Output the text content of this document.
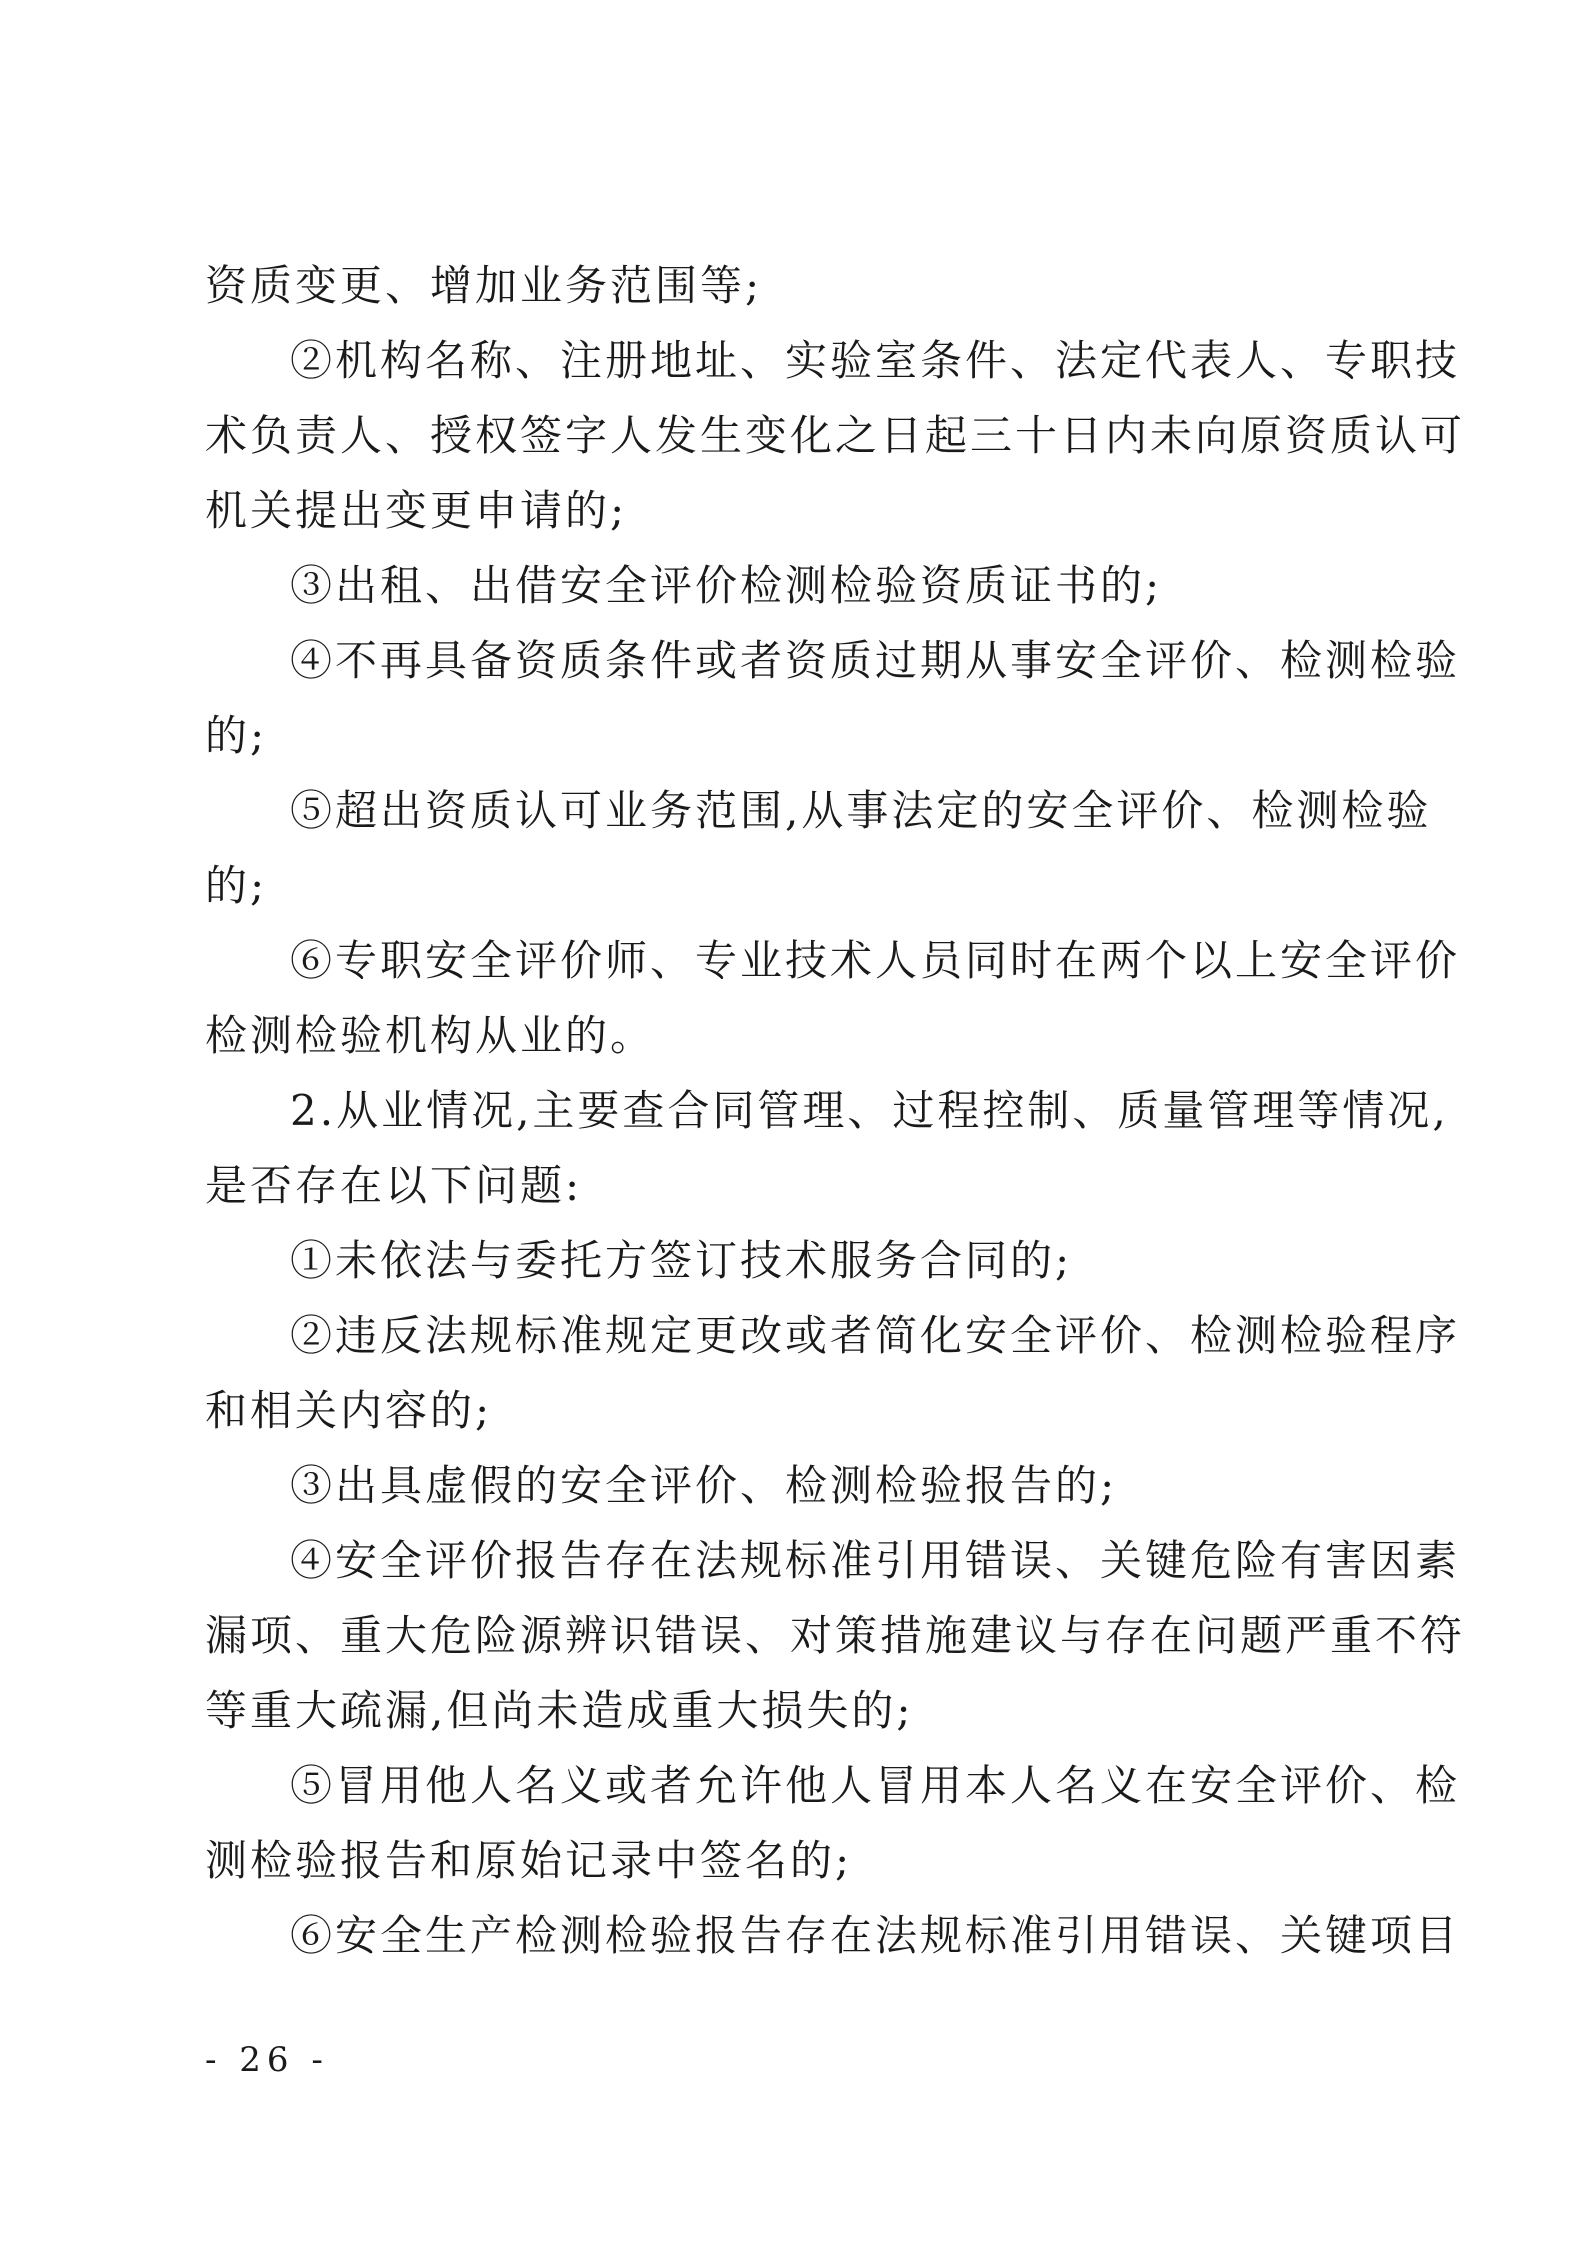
资质变更、增加业务范围等;
②机构名称、注册地址、实验室条件、法定代表人、专职技
术负责人、授权签字人发生变化之日起三十日内未向原资质认可
机关提出变更申请的;
③出租、出借安全评价检测检验资质证书的;
④不再具备资质条件或者资质过期从事安全评价、检测检验
的;
⑤超出资质认可业务范围,从事法定的安全评价、检测检验
的;
⑥专职安全评价师、专业技术人员同时在两个以上安全评价
检测检验机构从业的。
2.从业情况,主要查合同管理、过程控制、质量管理等情况,
是否存在以下问题:
①未依法与委托方签订技术服务合同的;
②违反法规标准规定更改或者简化安全评价、检测检验程序
和相关内容的;
③出具虚假的安全评价、检测检验报告的;
④安全评价报告存在法规标准引用错误、关键危险有害因素
漏项、重大危险源辨识错误、对策措施建议与存在问题严重不符
等重大疏漏,但尚未造成重大损失的;
⑤冒用他人名义或者允许他人冒用本人名义在安全评价、检
测检验报告和原始记录中签名的;
⑥安全生产检测检验报告存在法规标准引用错误、关键项目
- 26 -
